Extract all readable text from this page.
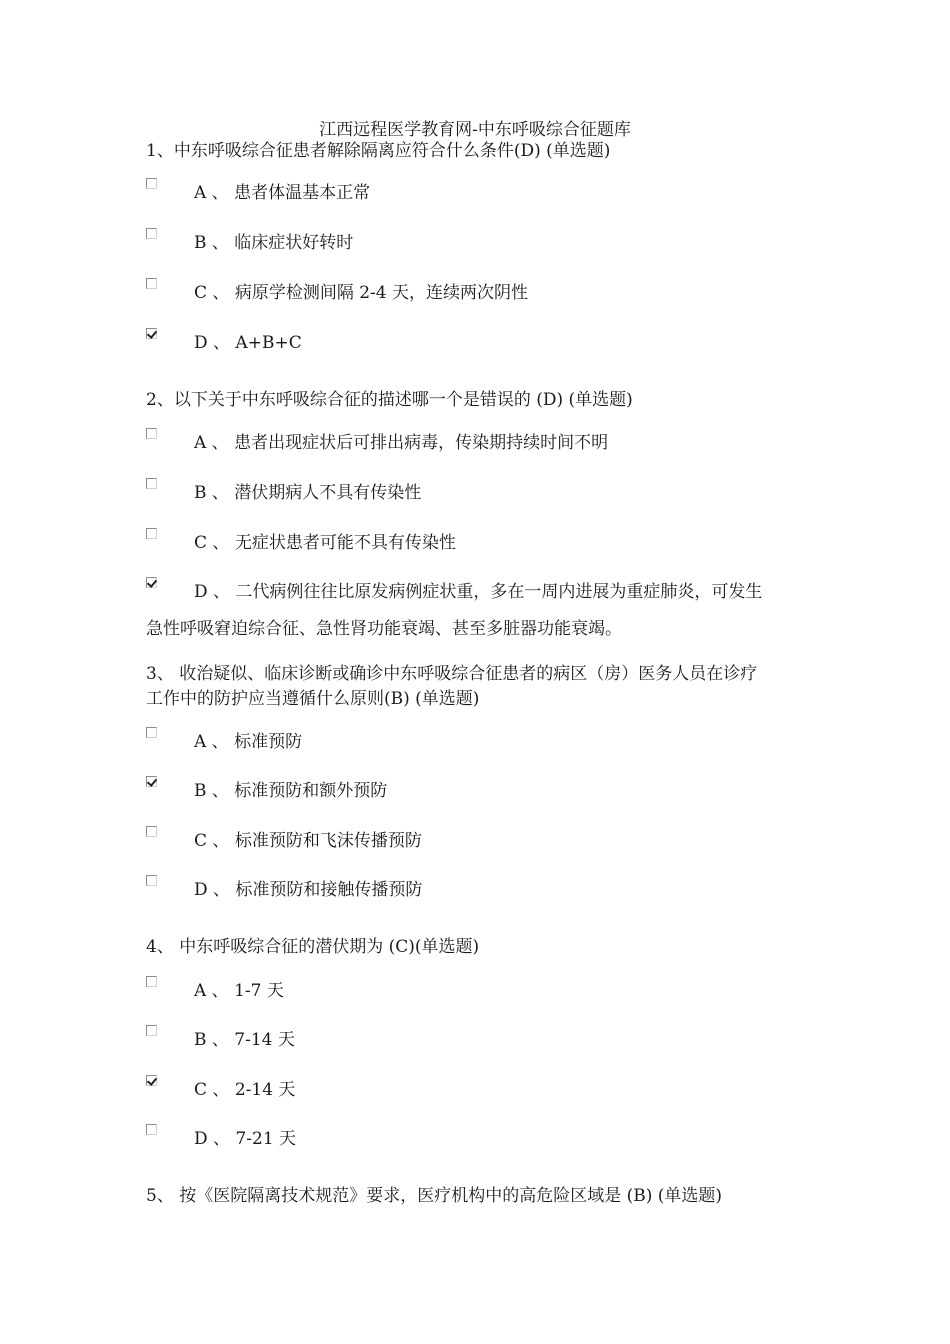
江西远程医学教育网-中东呼吸综合征题库
1、中东呼吸综合征患者解除隔离应符合什么条件(D) (单选题)
A 、 患者体温基本正常
B 、 临床症状好转时
C 、 病原学检测间隔 2-4 天，连续两次阴性
D 、 A+B+C
2、以下关于中东呼吸综合征的描述哪一个是错误的 (D) (单选题)
A 、 患者出现症状后可排出病毒，传染期持续时间不明
B 、 潜伏期病人不具有传染性
C 、 无症状患者可能不具有传染性
D 、 二代病例往往比原发病例症状重，多在一周内进展为重症肺炎，可发生
急性呼吸窘迫综合征、急性肾功能衰竭、甚至多脏器功能衰竭。
3、 收治疑似、临床诊断或确诊中东呼吸综合征患者的病区（房）医务人员在诊疗
工作中的防护应当遵循什么原则(B) (单选题)
A 、 标准预防
B 、 标准预防和额外预防
C 、 标准预防和飞沫传播预防
D 、 标准预防和接触传播预防
4、 中东呼吸综合征的潜伏期为 (C)(单选题)
A 、 1-7 天
B 、 7-14 天
C 、 2-14 天
D 、 7-21 天
5、 按《医院隔离技术规范》要求，医疗机构中的高危险区域是 (B) (单选题)
